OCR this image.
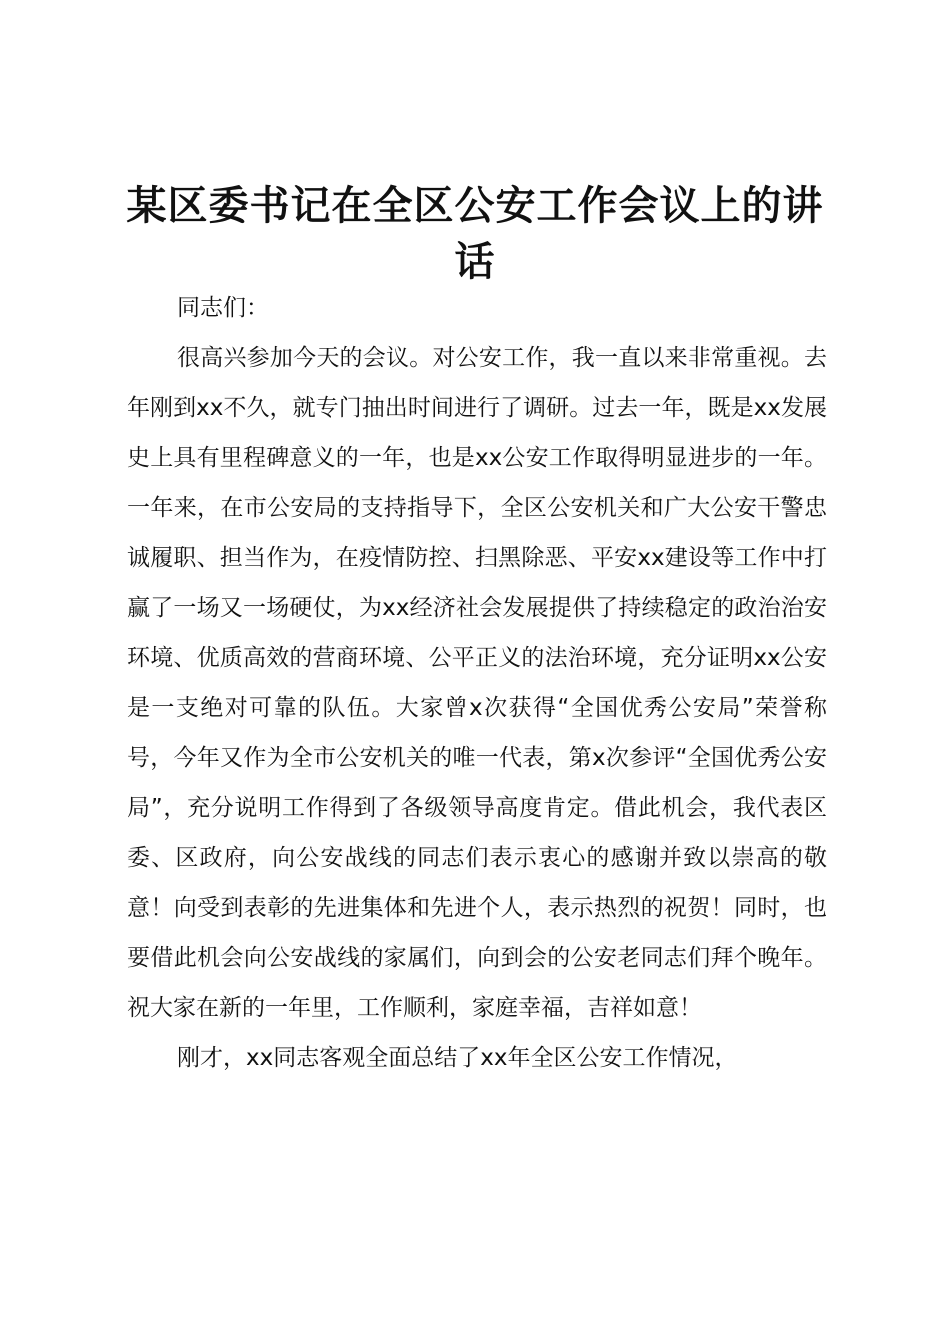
某区委书记在全区公安工作会议上的讲话

同志们：

很高兴参加今天的会议。对公安工作，我一直以来非常重视。去年刚到xx不久，就专门抽出时间进行了调研。过去一年，既是xx发展史上具有里程碑意义的一年，也是xx公安工作取得明显进步的一年。一年来，在市公安局的支持指导下，全区公安机关和广大公安干警忠诚履职、担当作为，在疫情防控、扫黑除恶、平安xx建设等工作中打赢了一场又一场硬仗，为xx经济社会发展提供了持续稳定的政治治安环境、优质高效的营商环境、公平正义的法治环境，充分证明xx公安是一支绝对可靠的队伍。大家曾x次获得“全国优秀公安局”荣誉称号，今年又作为全市公安机关的唯一代表，第x次参评“全国优秀公安局”，充分说明工作得到了各级领导高度肯定。借此机会，我代表区委、区政府，向公安战线的同志们表示衷心的感谢并致以崇高的敬意！向受到表彰的先进集体和先进个人，表示热烈的祝贺！同时，也要借此机会向公安战线的家属们，向到会的公安老同志们拜个晚年。祝大家在新的一年里，工作顺利，家庭幸福，吉祥如意！

刚才，xx同志客观全面总结了xx年全区公安工作情况，
